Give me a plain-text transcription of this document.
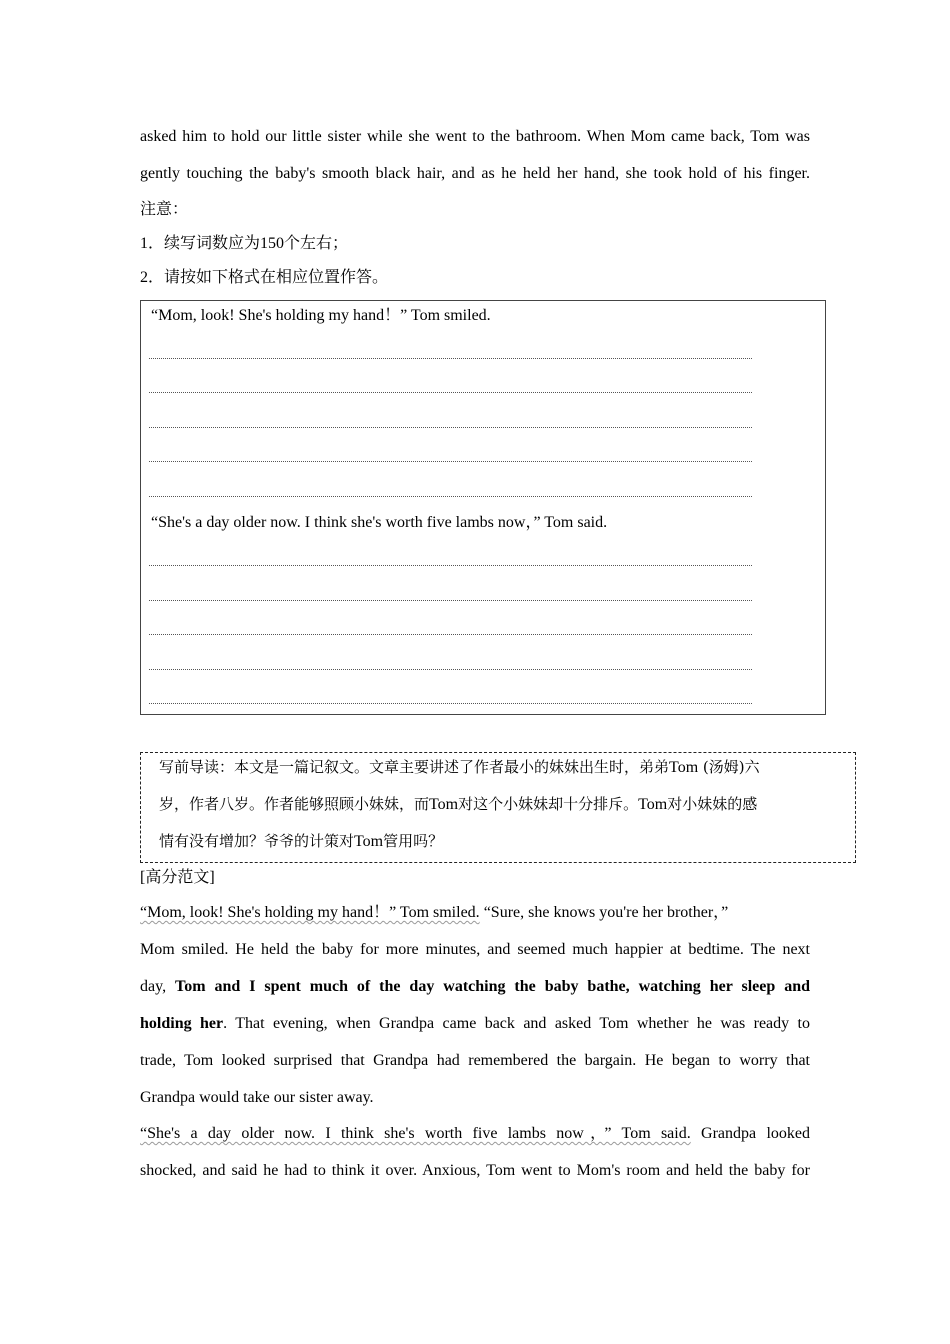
asked him to hold our little sister while she went to the bathroom. When Mom came back, Tom was
gently touching the baby's smooth black hair, and as he held her hand, she took hold of his finger.
注意：
1．续写词数应为150个左右；
2．请按如下格式在相应位置作答。
“Mom, look! She's holding my hand！” Tom smiled.
“She's a day older now. I think she's worth five lambs now，” Tom said.
写前导读：本文是一篇记叙文。文章主要讲述了作者最小的妹妹出生时，弟弟Tom (汤姆)六
岁，作者八岁。作者能够照顾小妹妹，而Tom对这个小妹妹却十分排斥。Tom对小妹妹的感
情有没有增加？爷爷的计策对Tom管用吗？
[高分范文]
“Mom, look! She's holding my hand！” Tom smiled. “Sure, she knows you're her brother，”
Mom smiled. He held the baby for more minutes, and seemed much happier at bedtime. The next
day, Tom and I spent much of the day watching the baby bathe, watching her sleep and
holding her. That evening, when Grandpa came back and asked Tom whether he was ready to
trade, Tom looked surprised that Grandpa had remembered the bargain. He began to worry that
Grandpa would take our sister away.
“She's a day older now. I think she's worth five lambs now，” Tom said. Grandpa looked
shocked, and said he had to think it over. Anxious, Tom went to Mom's room and held the baby for
